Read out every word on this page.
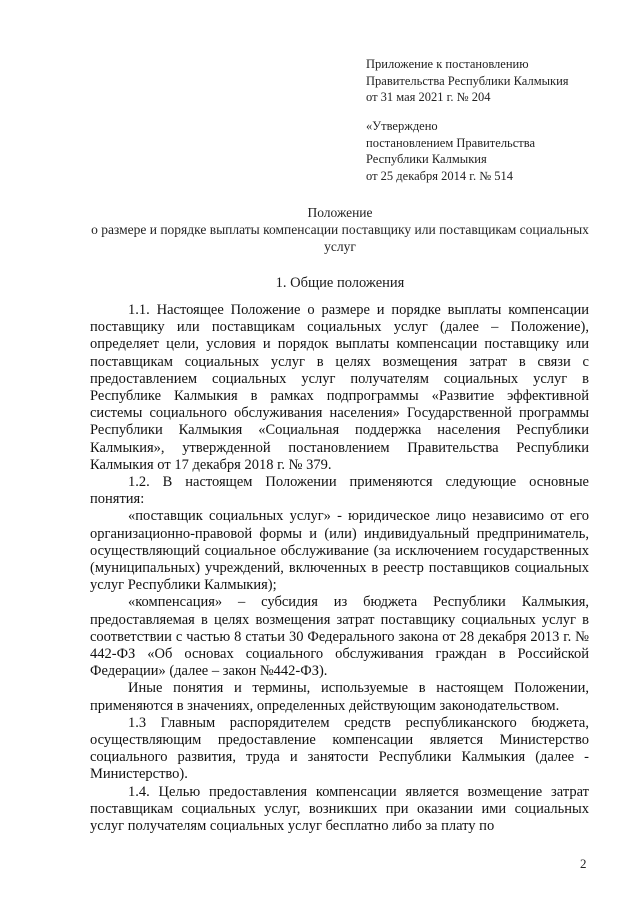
Приложение к постановлению
Правительства Республики Калмыкия
от 31 мая 2021 г. № 204
«Утверждено
постановлением Правительства
Республики Калмыкия
от 25 декабря 2014 г. № 514
Положение
о размере и порядке выплаты компенсации поставщику или поставщикам социальных услуг
1. Общие положения

1.1. Настоящее Положение о размере и порядке выплаты компенсации поставщику или поставщикам социальных услуг (далее – Положение), определяет цели, условия и порядок выплаты компенсации поставщику или поставщикам социальных услуг в целях возмещения затрат в связи с предоставлением социальных услуг получателям социальных услуг в Республике Калмыкия в рамках подпрограммы «Развитие эффективной системы социального обслуживания населения» Государственной программы Республики Калмыкия «Социальная поддержка населения Республики Калмыкия», утвержденной постановлением Правительства Республики Калмыкия от 17 декабря 2018 г. № 379.

1.2. В настоящем Положении применяются следующие основные понятия:

«поставщик социальных услуг» - юридическое лицо независимо от его организационно-правовой формы и (или) индивидуальный предприниматель, осуществляющий социальное обслуживание (за исключением государственных (муниципальных) учреждений, включенных в реестр поставщиков социальных услуг Республики Калмыкия);

«компенсация» – субсидия из бюджета Республики Калмыкия, предоставляемая в целях возмещения затрат поставщику социальных услуг в соответствии с частью 8 статьи 30 Федерального закона от 28 декабря 2013 г. № 442-ФЗ «Об основах социального обслуживания граждан в Российской Федерации» (далее – закон №442-ФЗ).

Иные понятия и термины, используемые в настоящем Положении, применяются в значениях, определенных действующим законодательством.

1.3 Главным распорядителем средств республиканского бюджета, осуществляющим предоставление компенсации является Министерство социального развития, труда и занятости Республики Калмыкия (далее - Министерство).

1.4. Целью предоставления компенсации является возмещение затрат поставщикам социальных услуг, возникших при оказании ими социальных услуг получателям социальных услуг бесплатно либо за плату по

2
